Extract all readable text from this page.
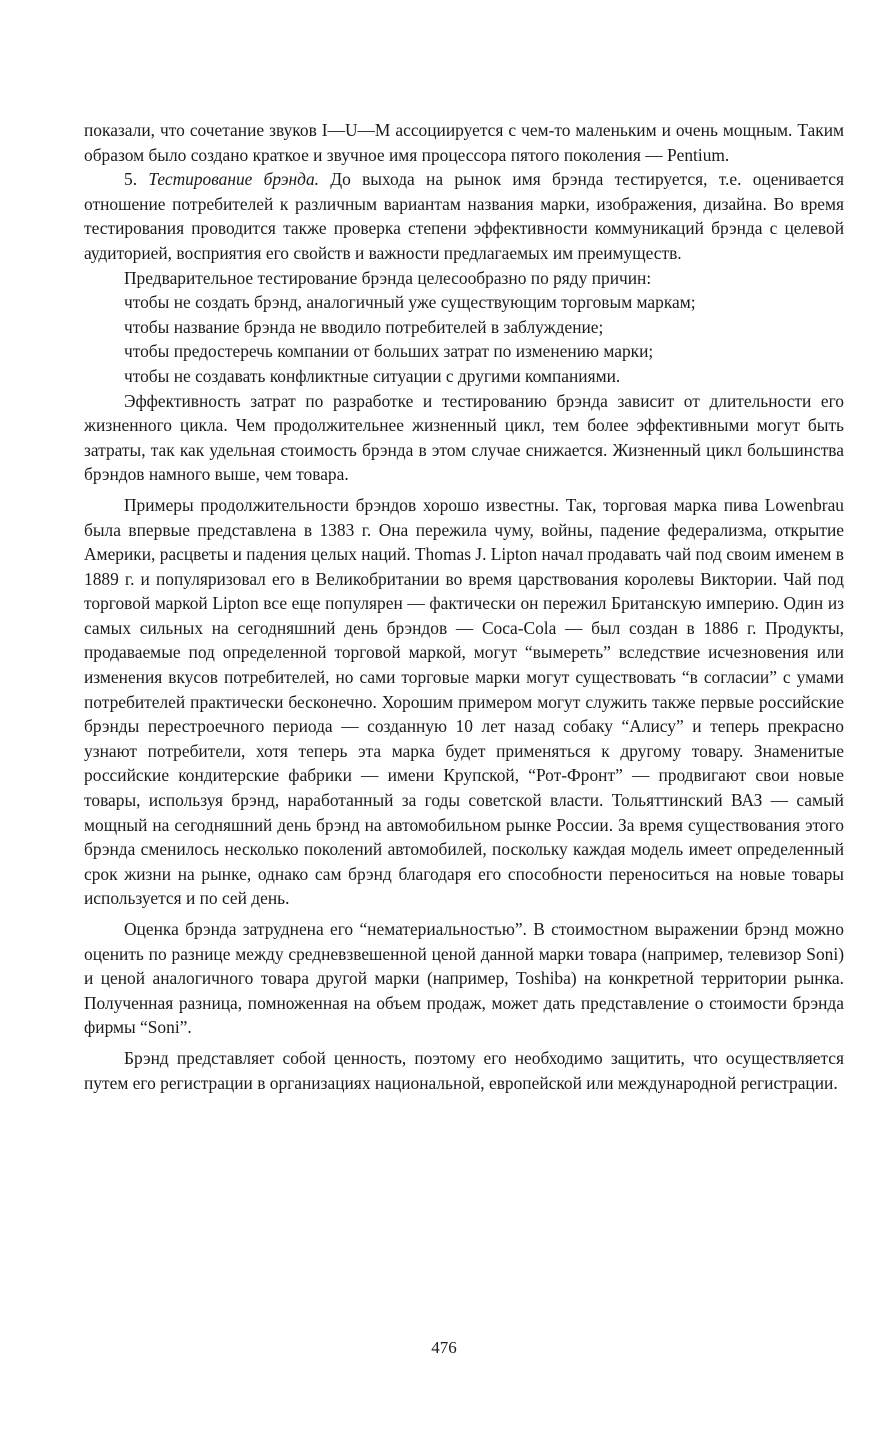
показали, что сочетание звуков I—U—M ассоциируется с чем-то маленьким и очень мощным. Таким образом было создано краткое и звучное имя процессора пятого поколения — Pentium.

5. Тестирование брэнда. До выхода на рынок имя брэнда тестируется, т.е. оценивается отношение потребителей к различным вариантам названия марки, изображения, дизайна. Во время тестирования проводится также проверка степени эффективности коммуникаций брэнда с целевой аудиторией, восприятия его свойств и важности предлагаемых им преимуществ.

Предварительное тестирование брэнда целесообразно по ряду причин:

чтобы не создать брэнд, аналогичный уже существующим торговым маркам;

чтобы название брэнда не вводило потребителей в заблуждение;

чтобы предостеречь компании от больших затрат по изменению марки;

чтобы не создавать конфликтные ситуации с другими компаниями.

Эффективность затрат по разработке и тестированию брэнда зависит от длительности его жизненного цикла. Чем продолжительнее жизненный цикл, тем более эффективными могут быть затраты, так как удельная стоимость брэнда в этом случае снижается. Жизненный цикл большинства брэндов намного выше, чем товара.

Примеры продолжительности брэндов хорошо известны. Так, торговая марка пива Lowenbrau была впервые представлена в 1383 г. Она пережила чуму, войны, падение федерализма, открытие Америки, расцветы и падения целых наций. Thomas J. Lipton начал продавать чай под своим именем в 1889 г. и популяризовал его в Великобритании во время царствования королевы Виктории. Чай под торговой маркой Lipton все еще популярен — фактически он пережил Британскую империю. Один из самых сильных на сегодняшний день брэндов — Coca-Cola — был создан в 1886 г. Продукты, продаваемые под определенной торговой маркой, могут “вымереть” вследствие исчезновения или изменения вкусов потребителей, но сами торговые марки могут существовать “в согласии” с умами потребителей практически бесконечно. Хорошим примером могут служить также первые российские брэнды перестроечного периода — созданную 10 лет назад собаку “Алису” и теперь прекрасно узнают потребители, хотя теперь эта марка будет применяться к другому товару. Знаменитые российские кондитерские фабрики — имени Крупской, “Рот-Фронт” — продвигают свои новые товары, используя брэнд, наработанный за годы советской власти. Тольяттинский ВАЗ — самый мощный на сегодняшний день брэнд на автомобильном рынке России. За время существования этого брэнда сменилось несколько поколений автомобилей, поскольку каждая модель имеет определенный срок жизни на рынке, однако сам брэнд благодаря его способности переноситься на новые товары используется и по сей день.

Оценка брэнда затруднена его “нематериальностью”. В стоимостном выражении брэнд можно оценить по разнице между средневзвешенной ценой данной марки товара (например, телевизор Soni) и ценой аналогичного товара другой марки (например, Toshiba) на конкретной территории рынка. Полученная разница, помноженная на объем продаж, может дать представление о стоимости брэнда фирмы “Soni”.

Брэнд представляет собой ценность, поэтому его необходимо защитить, что осуществляется путем его регистрации в организациях национальной, европейской или международной регистрации.

476
